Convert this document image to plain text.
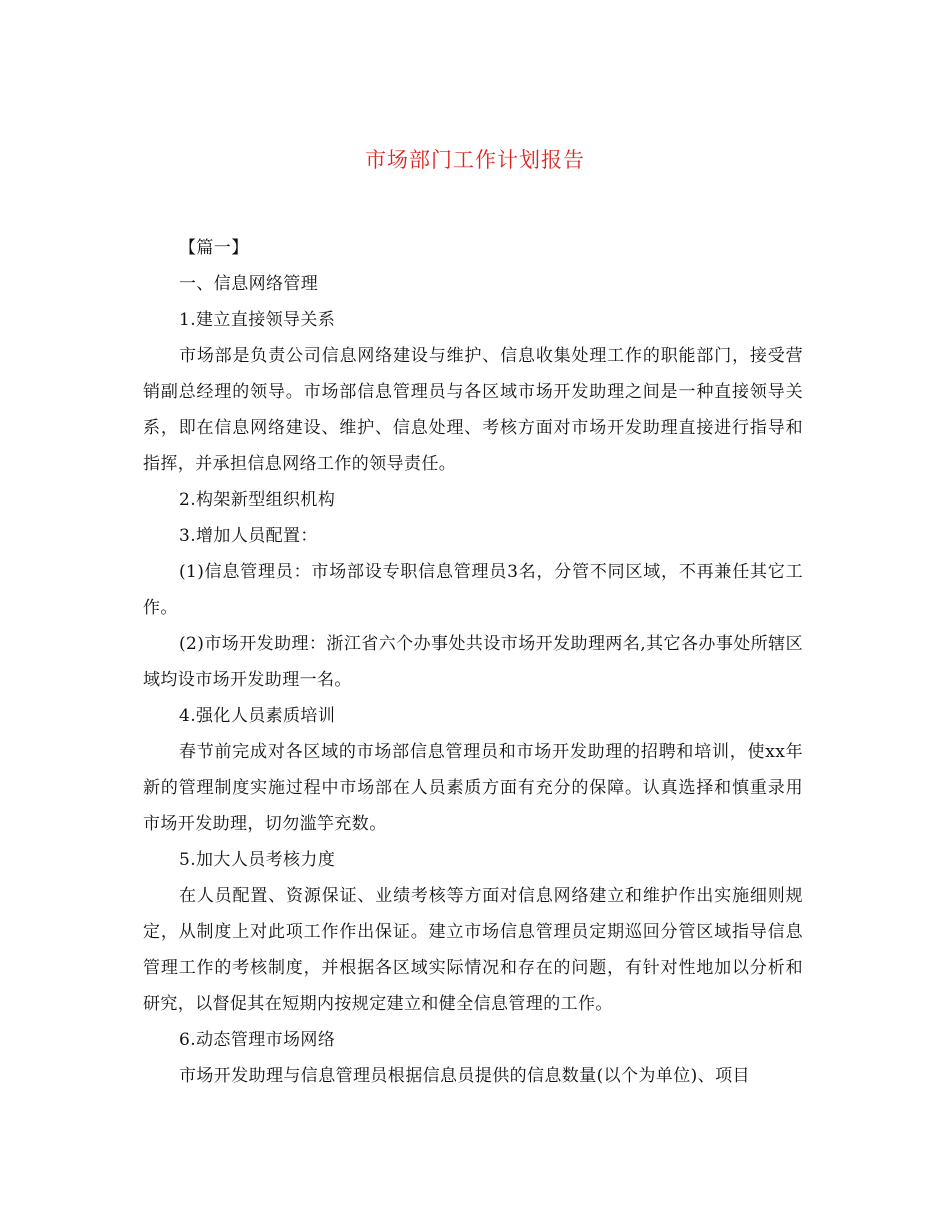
市场部门工作计划报告

【篇一】

一、信息网络管理

1.建立直接领导关系

市场部是负责公司信息网络建设与维护、信息收集处理工作的职能部门，接受营销副总经理的领导。市场部信息管理员与各区域市场开发助理之间是一种直接领导关系，即在信息网络建设、维护、信息处理、考核方面对市场开发助理直接进行指导和指挥，并承担信息网络工作的领导责任。

2.构架新型组织机构

3.增加人员配置：

(1)信息管理员：市场部设专职信息管理员3名，分管不同区域，不再兼任其它工作。

(2)市场开发助理：浙江省六个办事处共设市场开发助理两名,其它各办事处所辖区域均设市场开发助理一名。

4.强化人员素质培训

春节前完成对各区域的市场部信息管理员和市场开发助理的招聘和培训，使xx年新的管理制度实施过程中市场部在人员素质方面有充分的保障。认真选择和慎重录用市场开发助理，切勿滥竽充数。

5.加大人员考核力度

在人员配置、资源保证、业绩考核等方面对信息网络建立和维护作出实施细则规定，从制度上对此项工作作出保证。建立市场信息管理员定期巡回分管区域指导信息管理工作的考核制度，并根据各区域实际情况和存在的问题，有针对性地加以分析和研究，以督促其在短期内按规定建立和健全信息管理的工作。

6.动态管理市场网络

市场开发助理与信息管理员根据信息员提供的信息数量(以个为单位)、项目
